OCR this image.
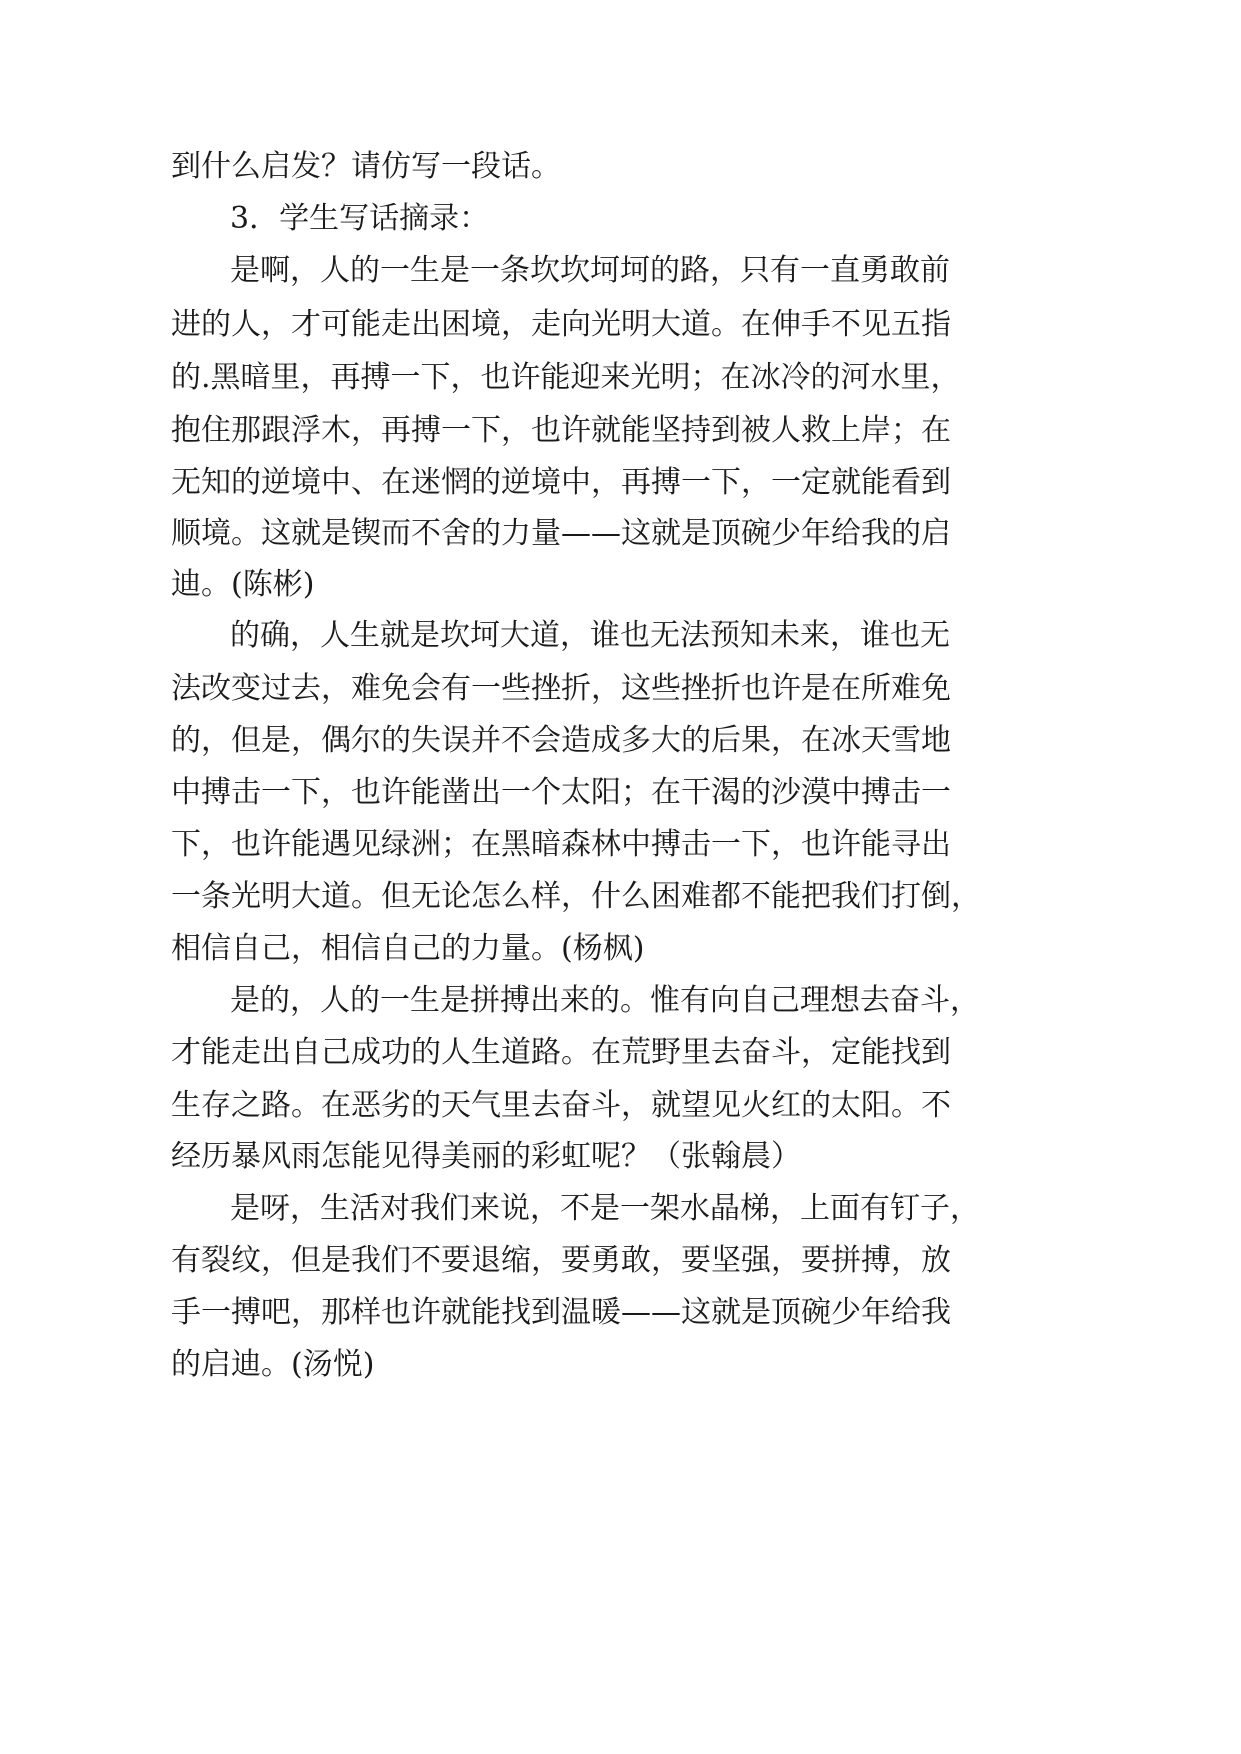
到什么启发？请仿写一段话。
3．学生写话摘录：
是啊，人的一生是一条坎坎坷坷的路，只有一直勇敢前
进的人，才可能走出困境，走向光明大道。在伸手不见五指
的.黑暗里，再搏一下，也许能迎来光明；在冰冷的河水里，
抱住那跟浮木，再搏一下，也许就能坚持到被人救上岸；在
无知的逆境中、在迷惘的逆境中，再搏一下，一定就能看到
顺境。这就是锲而不舍的力量——这就是顶碗少年给我的启
迪。(陈彬)
的确，人生就是坎坷大道，谁也无法预知未来，谁也无
法改变过去，难免会有一些挫折，这些挫折也许是在所难免
的，但是，偶尔的失误并不会造成多大的后果，在冰天雪地
中搏击一下，也许能凿出一个太阳；在干渴的沙漠中搏击一
下，也许能遇见绿洲；在黑暗森林中搏击一下，也许能寻出
一条光明大道。但无论怎么样，什么困难都不能把我们打倒，
相信自己，相信自己的力量。(杨枫)
是的，人的一生是拼搏出来的。惟有向自己理想去奋斗，
才能走出自己成功的人生道路。在荒野里去奋斗，定能找到
生存之路。在恶劣的天气里去奋斗，就望见火红的太阳。不
经历暴风雨怎能见得美丽的彩虹呢？（张翰晨）
是呀，生活对我们来说，不是一架水晶梯，上面有钉子，
有裂纹，但是我们不要退缩，要勇敢，要坚强，要拼搏，放
手一搏吧，那样也许就能找到温暖——这就是顶碗少年给我
的启迪。(汤悦)
